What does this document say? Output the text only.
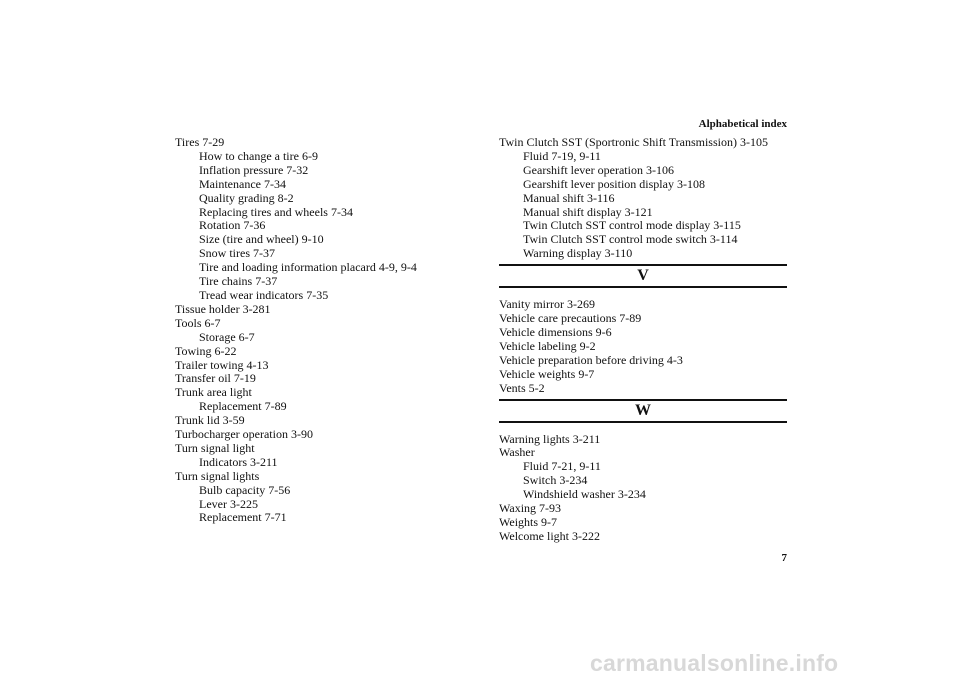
Alphabetical index
Tires 7-29
How to change a tire 6-9
Inflation pressure 7-32
Maintenance 7-34
Quality grading 8-2
Replacing tires and wheels 7-34
Rotation 7-36
Size (tire and wheel) 9-10
Snow tires 7-37
Tire and loading information placard 4-9, 9-4
Tire chains 7-37
Tread wear indicators 7-35
Tissue holder 3-281
Tools 6-7
Storage 6-7
Towing 6-22
Trailer towing 4-13
Transfer oil 7-19
Trunk area light
Replacement 7-89
Trunk lid 3-59
Turbocharger operation 3-90
Turn signal light
Indicators 3-211
Turn signal lights
Bulb capacity 7-56
Lever 3-225
Replacement 7-71
Twin Clutch SST (Sportronic Shift Transmission) 3-105
Fluid 7-19, 9-11
Gearshift lever operation 3-106
Gearshift lever position display 3-108
Manual shift 3-116
Manual shift display 3-121
Twin Clutch SST control mode display 3-115
Twin Clutch SST control mode switch 3-114
Warning display 3-110
V
Vanity mirror 3-269
Vehicle care precautions 7-89
Vehicle dimensions 9-6
Vehicle labeling 9-2
Vehicle preparation before driving 4-3
Vehicle weights 9-7
Vents 5-2
W
Warning lights 3-211
Washer
Fluid 7-21, 9-11
Switch 3-234
Windshield washer 3-234
Waxing 7-93
Weights 9-7
Welcome light 3-222
7
carmanualsonline.info
